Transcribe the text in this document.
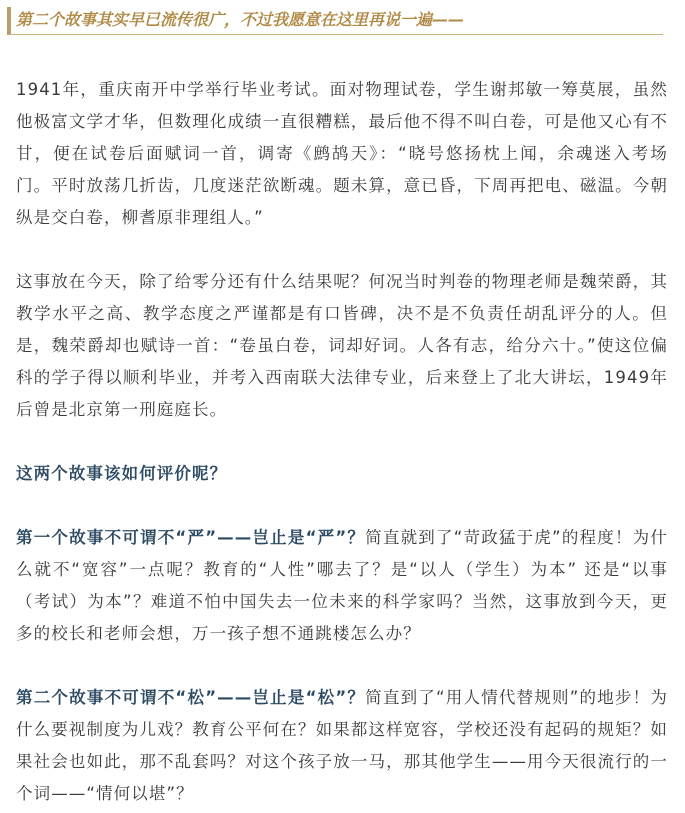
第二个故事其实早已流传很广，不过我愿意在这里再说一遍——

1941年，重庆南开中学举行毕业考试。面对物理试卷，学生谢邦敏一筹莫展，虽然他极富文学才华，但数理化成绩一直很糟糕，最后他不得不叫白卷，可是他又心有不甘，便在试卷后面赋词一首，调寄《鹧鸪天》：“晓号悠扬枕上闻，余魂迷入考场门。平时放荡几折齿，几度迷茫欲断魂。题未算，意已昏，下周再把电、磁温。今朝纵是交白卷，柳耆原非理组人。”

这事放在今天，除了给零分还有什么结果呢？何况当时判卷的物理老师是魏荣爵，其教学水平之高、教学态度之严谨都是有口皆碑，决不是不负责任胡乱评分的人。但是，魏荣爵却也赋诗一首：“卷虽白卷，词却好词。人各有志，给分六十。”使这位偏科的学子得以顺利毕业，并考入西南联大法律专业，后来登上了北大讲坛，1949年后曾是北京第一刑庭庭长。

这两个故事该如何评价呢？

第一个故事不可谓不“严”——岂止是“严”？简直就到了“苛政猛于虎”的程度！为什么就不“宽容”一点呢？教育的“人性”哪去了？是“以人（学生）为本” 还是“以事（考试）为本”？难道不怕中国失去一位未来的科学家吗？当然，这事放到今天，更多的校长和老师会想，万一孩子想不通跳楼怎么办？

第二个故事不可谓不“松”——岂止是“松”？简直到了“用人情代替规则”的地步！为什么要视制度为儿戏？教育公平何在？如果都这样宽容，学校还没有起码的规矩？如果社会也如此，那不乱套吗？对这个孩子放一马，那其他学生——用今天很流行的一个词——“情何以堪”？
